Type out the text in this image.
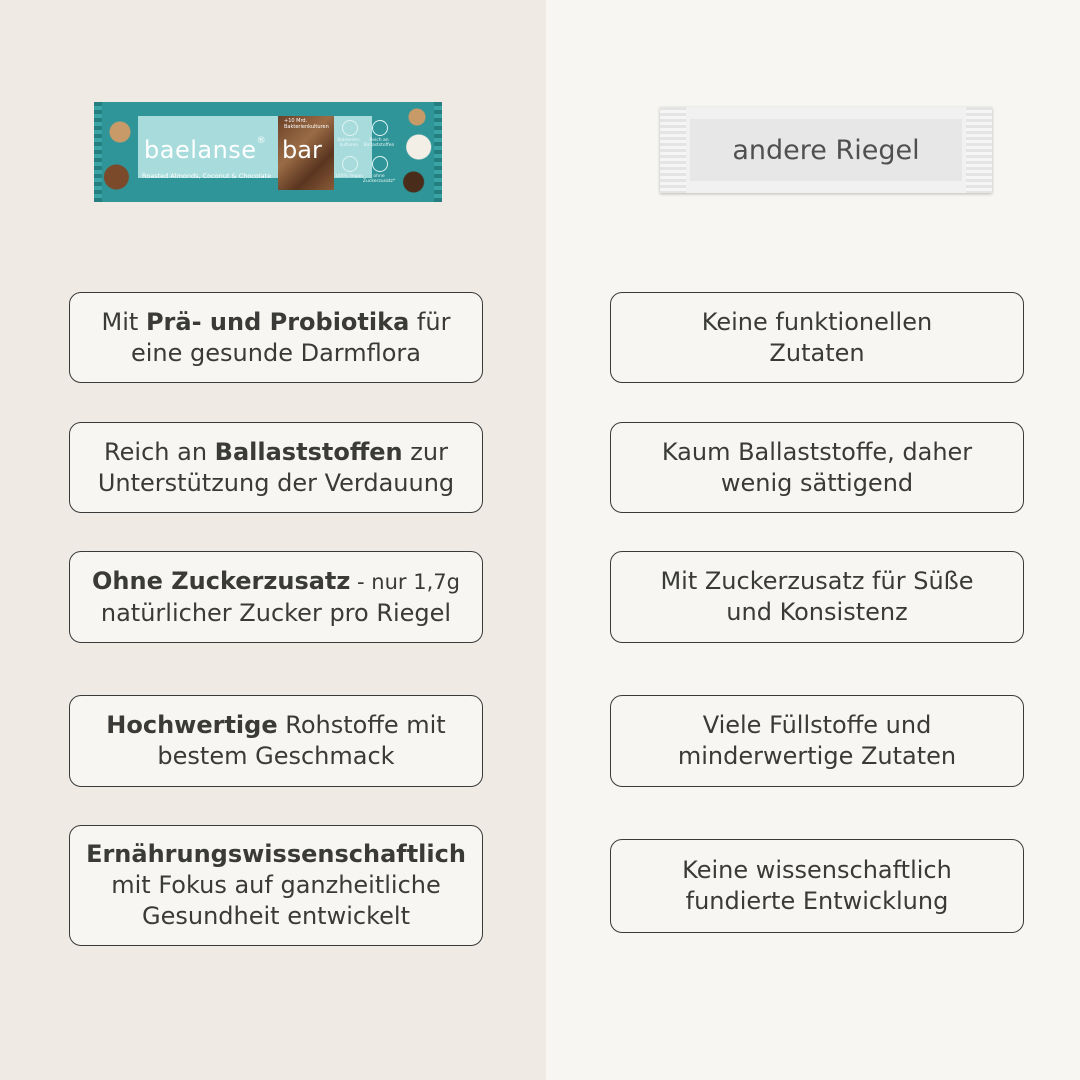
baelanse®
Roasted Almonds, Coconut & Chocolate
+10 Mrd. Bakterienkulturen
bar	Bakterien-kulturen
Reich an Ballaststoffen
100% Vegan	ohne Zuckerzusatz*
andere Riegel
Mit Prä- und Probiotika für
eine gesunde Darmflora
Reich an Ballaststoffen zur
Unterstützung der Verdauung
Ohne Zuckerzusatz - nur 1,7g
natürlicher Zucker pro Riegel
Hochwertige Rohstoffe mit
bestem Geschmack
Ernährungswissenschaftlich
mit Fokus auf ganzheitliche
Gesundheit entwickelt
Keine funktionellen
Zutaten
Kaum Ballaststoffe, daher
wenig sättigend
Mit Zuckerzusatz für Süße
und Konsistenz
Viele Füllstoffe und
minderwertige Zutaten
Keine wissenschaftlich
fundierte Entwicklung
